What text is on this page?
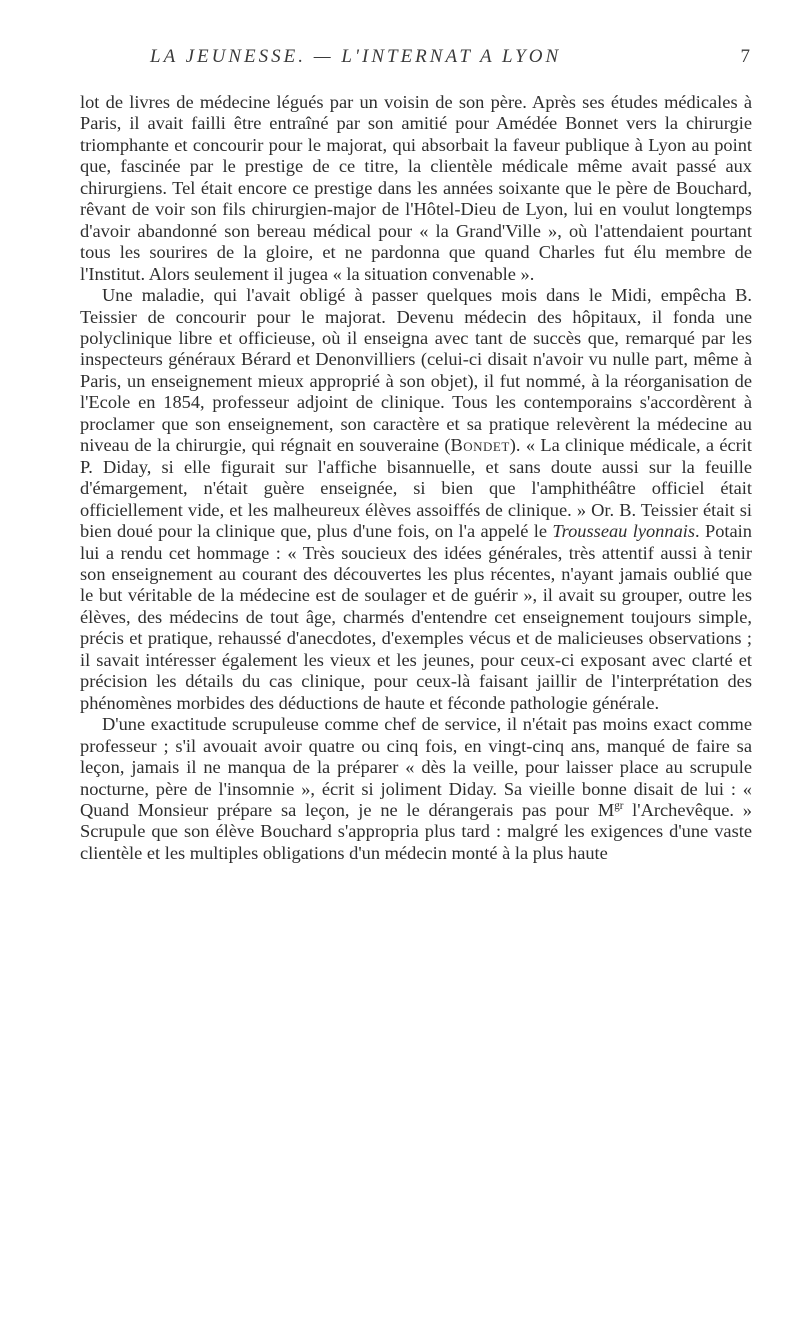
LA JEUNESSE. — L'INTERNAT A LYON	7

lot de livres de médecine légués par un voisin de son père. Après ses études médicales à Paris, il avait failli être entraîné par son amitié pour Amédée Bonnet vers la chirurgie triomphante et concourir pour le majorat, qui absorbait la faveur publique à Lyon au point que, fascinée par le prestige de ce titre, la clientèle médicale même avait passé aux chirurgiens. Tel était encore ce prestige dans les années soixante que le père de Bouchard, rêvant de voir son fils chirurgien-major de l'Hôtel-Dieu de Lyon, lui en voulut longtemps d'avoir abandonné son bereau médical pour « la Grand'Ville », où l'attendaient pourtant tous les sourires de la gloire, et ne pardonna que quand Charles fut élu membre de l'Institut. Alors seulement il jugea « la situation convenable ».

Une maladie, qui l'avait obligé à passer quelques mois dans le Midi, empêcha B. Teissier de concourir pour le majorat. Devenu médecin des hôpitaux, il fonda une polyclinique libre et officieuse, où il enseigna avec tant de succès que, remarqué par les inspecteurs généraux Bérard et Denonvilliers (celui-ci disait n'avoir vu nulle part, même à Paris, un enseignement mieux approprié à son objet), il fut nommé, à la réorganisation de l'Ecole en 1854, professeur adjoint de clinique. Tous les contemporains s'accordèrent à proclamer que son enseignement, son caractère et sa pratique relevèrent la médecine au niveau de la chirurgie, qui régnait en souveraine (Bondet). « La clinique médicale, a écrit P. Diday, si elle figurait sur l'affiche bisannuelle, et sans doute aussi sur la feuille d'émargement, n'était guère enseignée, si bien que l'amphithéâtre officiel était officiellement vide, et les malheureux élèves assoiffés de clinique. » Or. B. Teissier était si bien doué pour la clinique que, plus d'une fois, on l'a appelé le Trousseau lyonnais. Potain lui a rendu cet hommage : « Très soucieux des idées générales, très attentif aussi à tenir son enseignement au courant des découvertes les plus récentes, n'ayant jamais oublié que le but véritable de la médecine est de soulager et de guérir », il avait su grouper, outre les élèves, des médecins de tout âge, charmés d'entendre cet enseignement toujours simple, précis et pratique, rehaussé d'anecdotes, d'exemples vécus et de malicieuses observations ; il savait intéresser également les vieux et les jeunes, pour ceux-ci exposant avec clarté et précision les détails du cas clinique, pour ceux-là faisant jaillir de l'interprétation des phénomènes morbides des déductions de haute et féconde pathologie générale.

D'une exactitude scrupuleuse comme chef de service, il n'était pas moins exact comme professeur ; s'il avouait avoir quatre ou cinq fois, en vingt-cinq ans, manqué de faire sa leçon, jamais il ne manqua de la préparer « dès la veille, pour laisser place au scrupule nocturne, père de l'insomnie », écrit si joliment Diday. Sa vieille bonne disait de lui : « Quand Monsieur prépare sa leçon, je ne le dérangerais pas pour $M^{gr}$ l'Archevêque. » Scrupule que son élève Bouchard s'appropria plus tard : malgré les exigences d'une vaste clientèle et les multiples obligations d'un médecin monté à la plus haute
